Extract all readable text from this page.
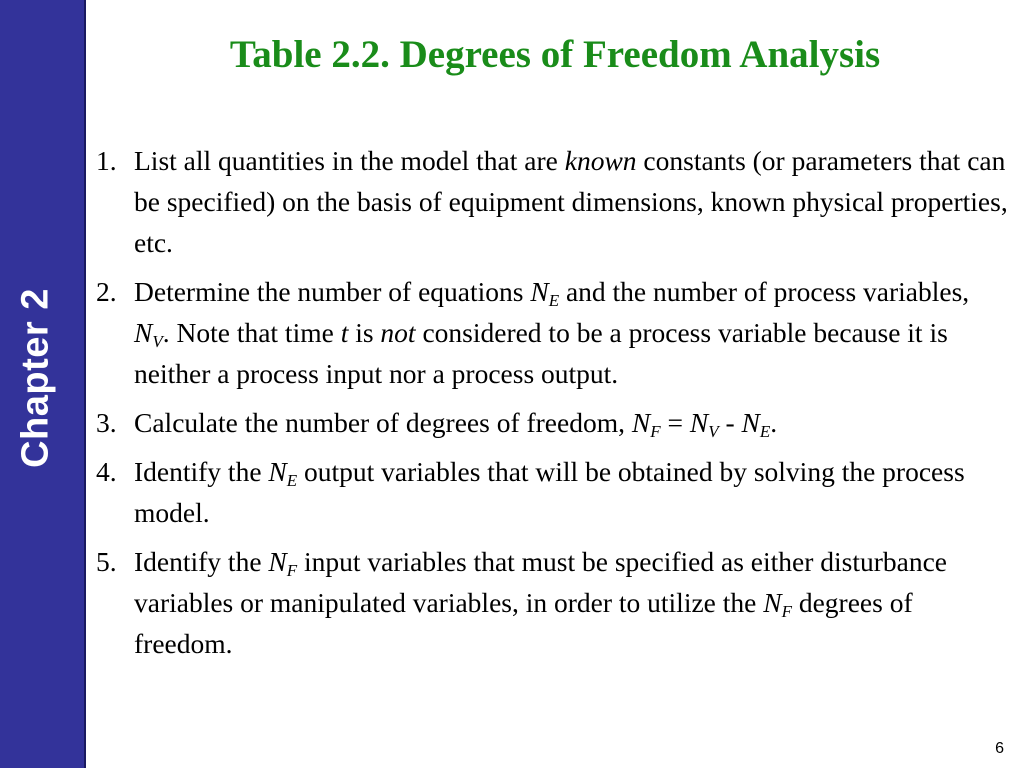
Chapter 2
Table 2.2. Degrees of Freedom Analysis
1. List all quantities in the model that are known constants (or parameters that can be specified) on the basis of equipment dimensions, known physical properties, etc.
2. Determine the number of equations $N_E$ and the number of process variables, $N_V$. Note that time t is not considered to be a process variable because it is neither a process input nor a process output.
3. Calculate the number of degrees of freedom, $N_F = N_V - N_E$.
4. Identify the $N_E$ output variables that will be obtained by solving the process model.
5. Identify the $N_F$ input variables that must be specified as either disturbance variables or manipulated variables, in order to utilize the $N_F$ degrees of freedom.
6
